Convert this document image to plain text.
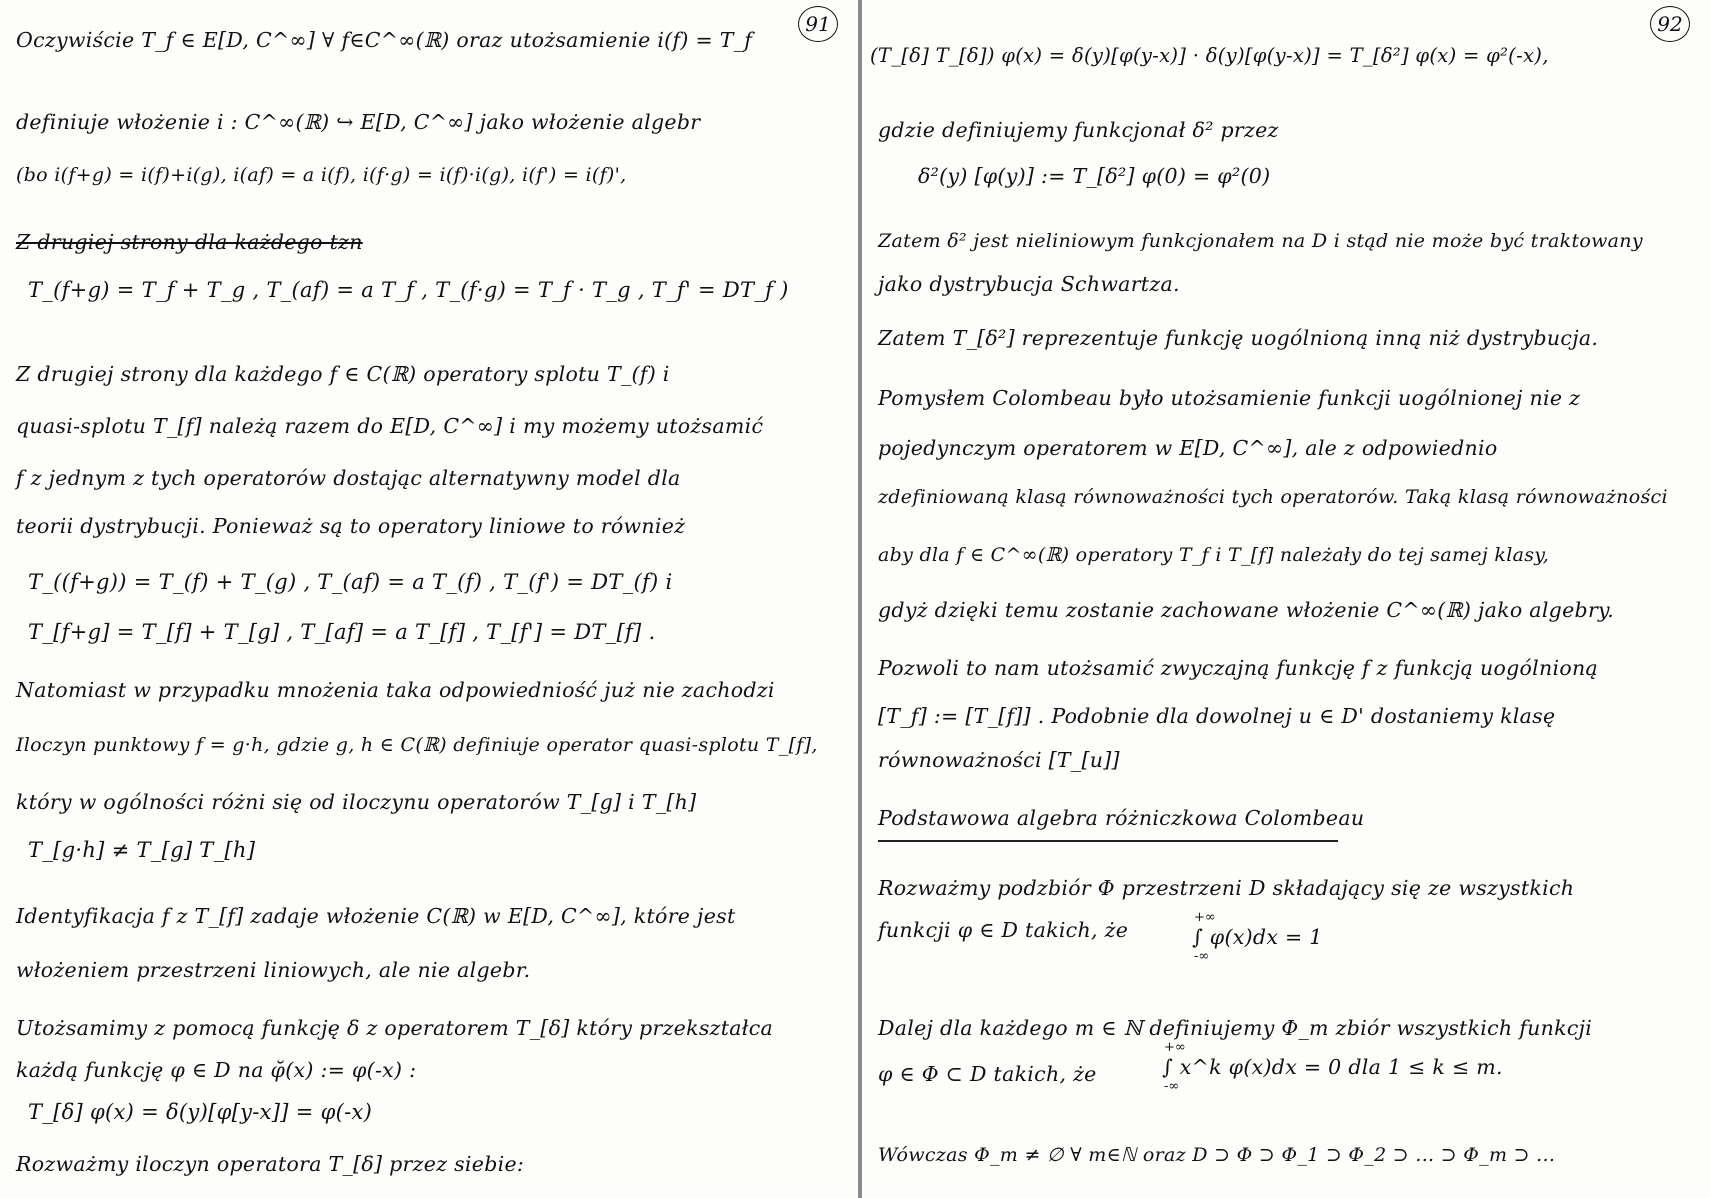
91
Oczywiście T_f ∈ E[D, C^∞] ∀ f∈C^∞(ℝ) oraz utożsamienie i(f) = T_f
definiuje włożenie i : C^∞(ℝ) ↪ E[D, C^∞] jako włożenie algebr
(bo i(f+g) = i(f)+i(g), i(af) = a i(f), i(f·g) = i(f)·i(g), i(f') = i(f)',
Z drugiej strony dla każdego tzn
T_(f+g) = T_f + T_g , T_(af) = a T_f , T_(f·g) = T_f · T_g , T_f' = DT_f )
Z drugiej strony dla każdego f ∈ C(ℝ) operatory splotu T_(f) i
quasi-splotu T_[f] należą razem do E[D, C^∞] i my możemy utożsamić
f z jednym z tych operatorów dostając alternatywny model dla
teorii dystrybucji. Ponieważ są to operatory liniowe to również
T_((f+g)) = T_(f) + T_(g) , T_(af) = a T_(f) , T_(f') = DT_(f) i
T_[f+g] = T_[f] + T_[g] , T_[af] = a T_[f] , T_[f'] = DT_[f] .
Natomiast w przypadku mnożenia taka odpowiedniość już nie zachodzi
Iloczyn punktowy f = g·h, gdzie g, h ∈ C(ℝ) definiuje operator quasi-splotu T_[f],
który w ogólności różni się od iloczynu operatorów T_[g] i T_[h]
T_[g·h] ≠ T_[g] T_[h]
Identyfikacja f z T_[f] zadaje włożenie C(ℝ) w E[D, C^∞], które jest
włożeniem przestrzeni liniowych, ale nie algebr.
Utożsamimy z pomocą funkcję δ z operatorem T_[δ] który przekształca
każdą funkcję φ ∈ D na φ̆(x) := φ(-x) :
T_[δ] φ(x) = δ(y)[φ[y-x]] = φ(-x)
Rozważmy iloczyn operatora T_[δ] przez siebie:
92
(T_[δ] T_[δ]) φ(x) = δ(y)[φ(y-x)] · δ(y)[φ(y-x)] = T_[δ²] φ(x) = φ²(-x),
gdzie definiujemy funkcjonał δ² przez
δ²(y) [φ(y)] := T_[δ²] φ(0) = φ²(0)
Zatem δ² jest nieliniowym funkcjonałem na D i stąd nie może być traktowany
jako dystrybucja Schwartza.
Zatem T_[δ²] reprezentuje funkcję uogólnioną inną niż dystrybucja.
Pomysłem Colombeau było utożsamienie funkcji uogólnionej nie z
pojedynczym operatorem w E[D, C^∞], ale z odpowiednio
zdefiniowaną klasą równoważności tych operatorów. Taką klasą równoważności
aby dla f ∈ C^∞(ℝ) operatory T_f i T_[f] należały do tej samej klasy,
gdyż dzięki temu zostanie zachowane włożenie C^∞(ℝ) jako algebry.
Pozwoli to nam utożsamić zwyczajną funkcję f z funkcją uogólnioną
[T_f] := [T_[f]] . Podobnie dla dowolnej u ∈ D' dostaniemy klasę
równoważności [T_[u]]
Podstawowa algebra różniczkowa Colombeau
Rozważmy podzbiór Φ przestrzeni D składający się ze wszystkich
funkcji φ ∈ D takich, że
+∞
∫ φ(x)dx = 1
-∞
Dalej dla każdego m ∈ ℕ definiujemy Φ_m zbiór wszystkich funkcji
φ ∈ Φ ⊂ D takich, że
+∞
∫ x^k φ(x)dx = 0 dla 1 ≤ k ≤ m.
-∞
Wówczas Φ_m ≠ ∅ ∀ m∈ℕ oraz D ⊃ Φ ⊃ Φ_1 ⊃ Φ_2 ⊃ ... ⊃ Φ_m ⊃ ...
